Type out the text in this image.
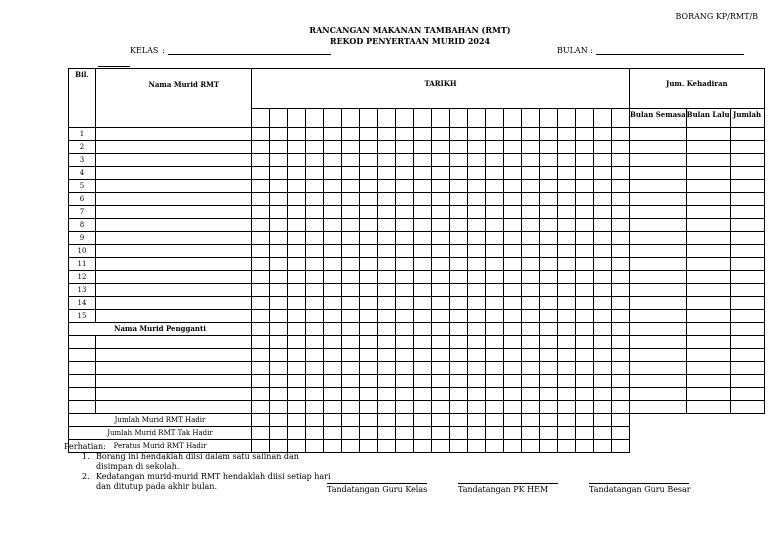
BORANG KP/RMT/B
RANCANGAN MAKANAN TAMBAHAN (RMT)
REKOD PENYERTAAN MURID 2024
KELAS :	BULAN :
Bil.	Nama Murid RMT	TARIKH																					Jum. Kehadiran		
																							Bulan Semasa	Bulan Lalu	Jumlah
1																									
2																									
3																									
4																									
5																									
6																									
7																									
8																									
9																									
10																									
11																									
12																									
13																									
14																									
15																									
Nama Murid Pengganti																									

Jumlah Murid RMT Hadir																									
Jumlah Murid RMT Tak Hadir																									
Peratus Murid RMT Hadir																									
Perhatian:
1. Borang ini hendaklah diisi dalam satu salinan dan disimpan di sekolah.
2. Kedatangan murid-murid RMT hendaklah diisi setiap hari dan ditutup pada akhir bulan.	Tandatangan Guru Kelas	Tandatangan PK HEM	Tandatangan Guru Besar
